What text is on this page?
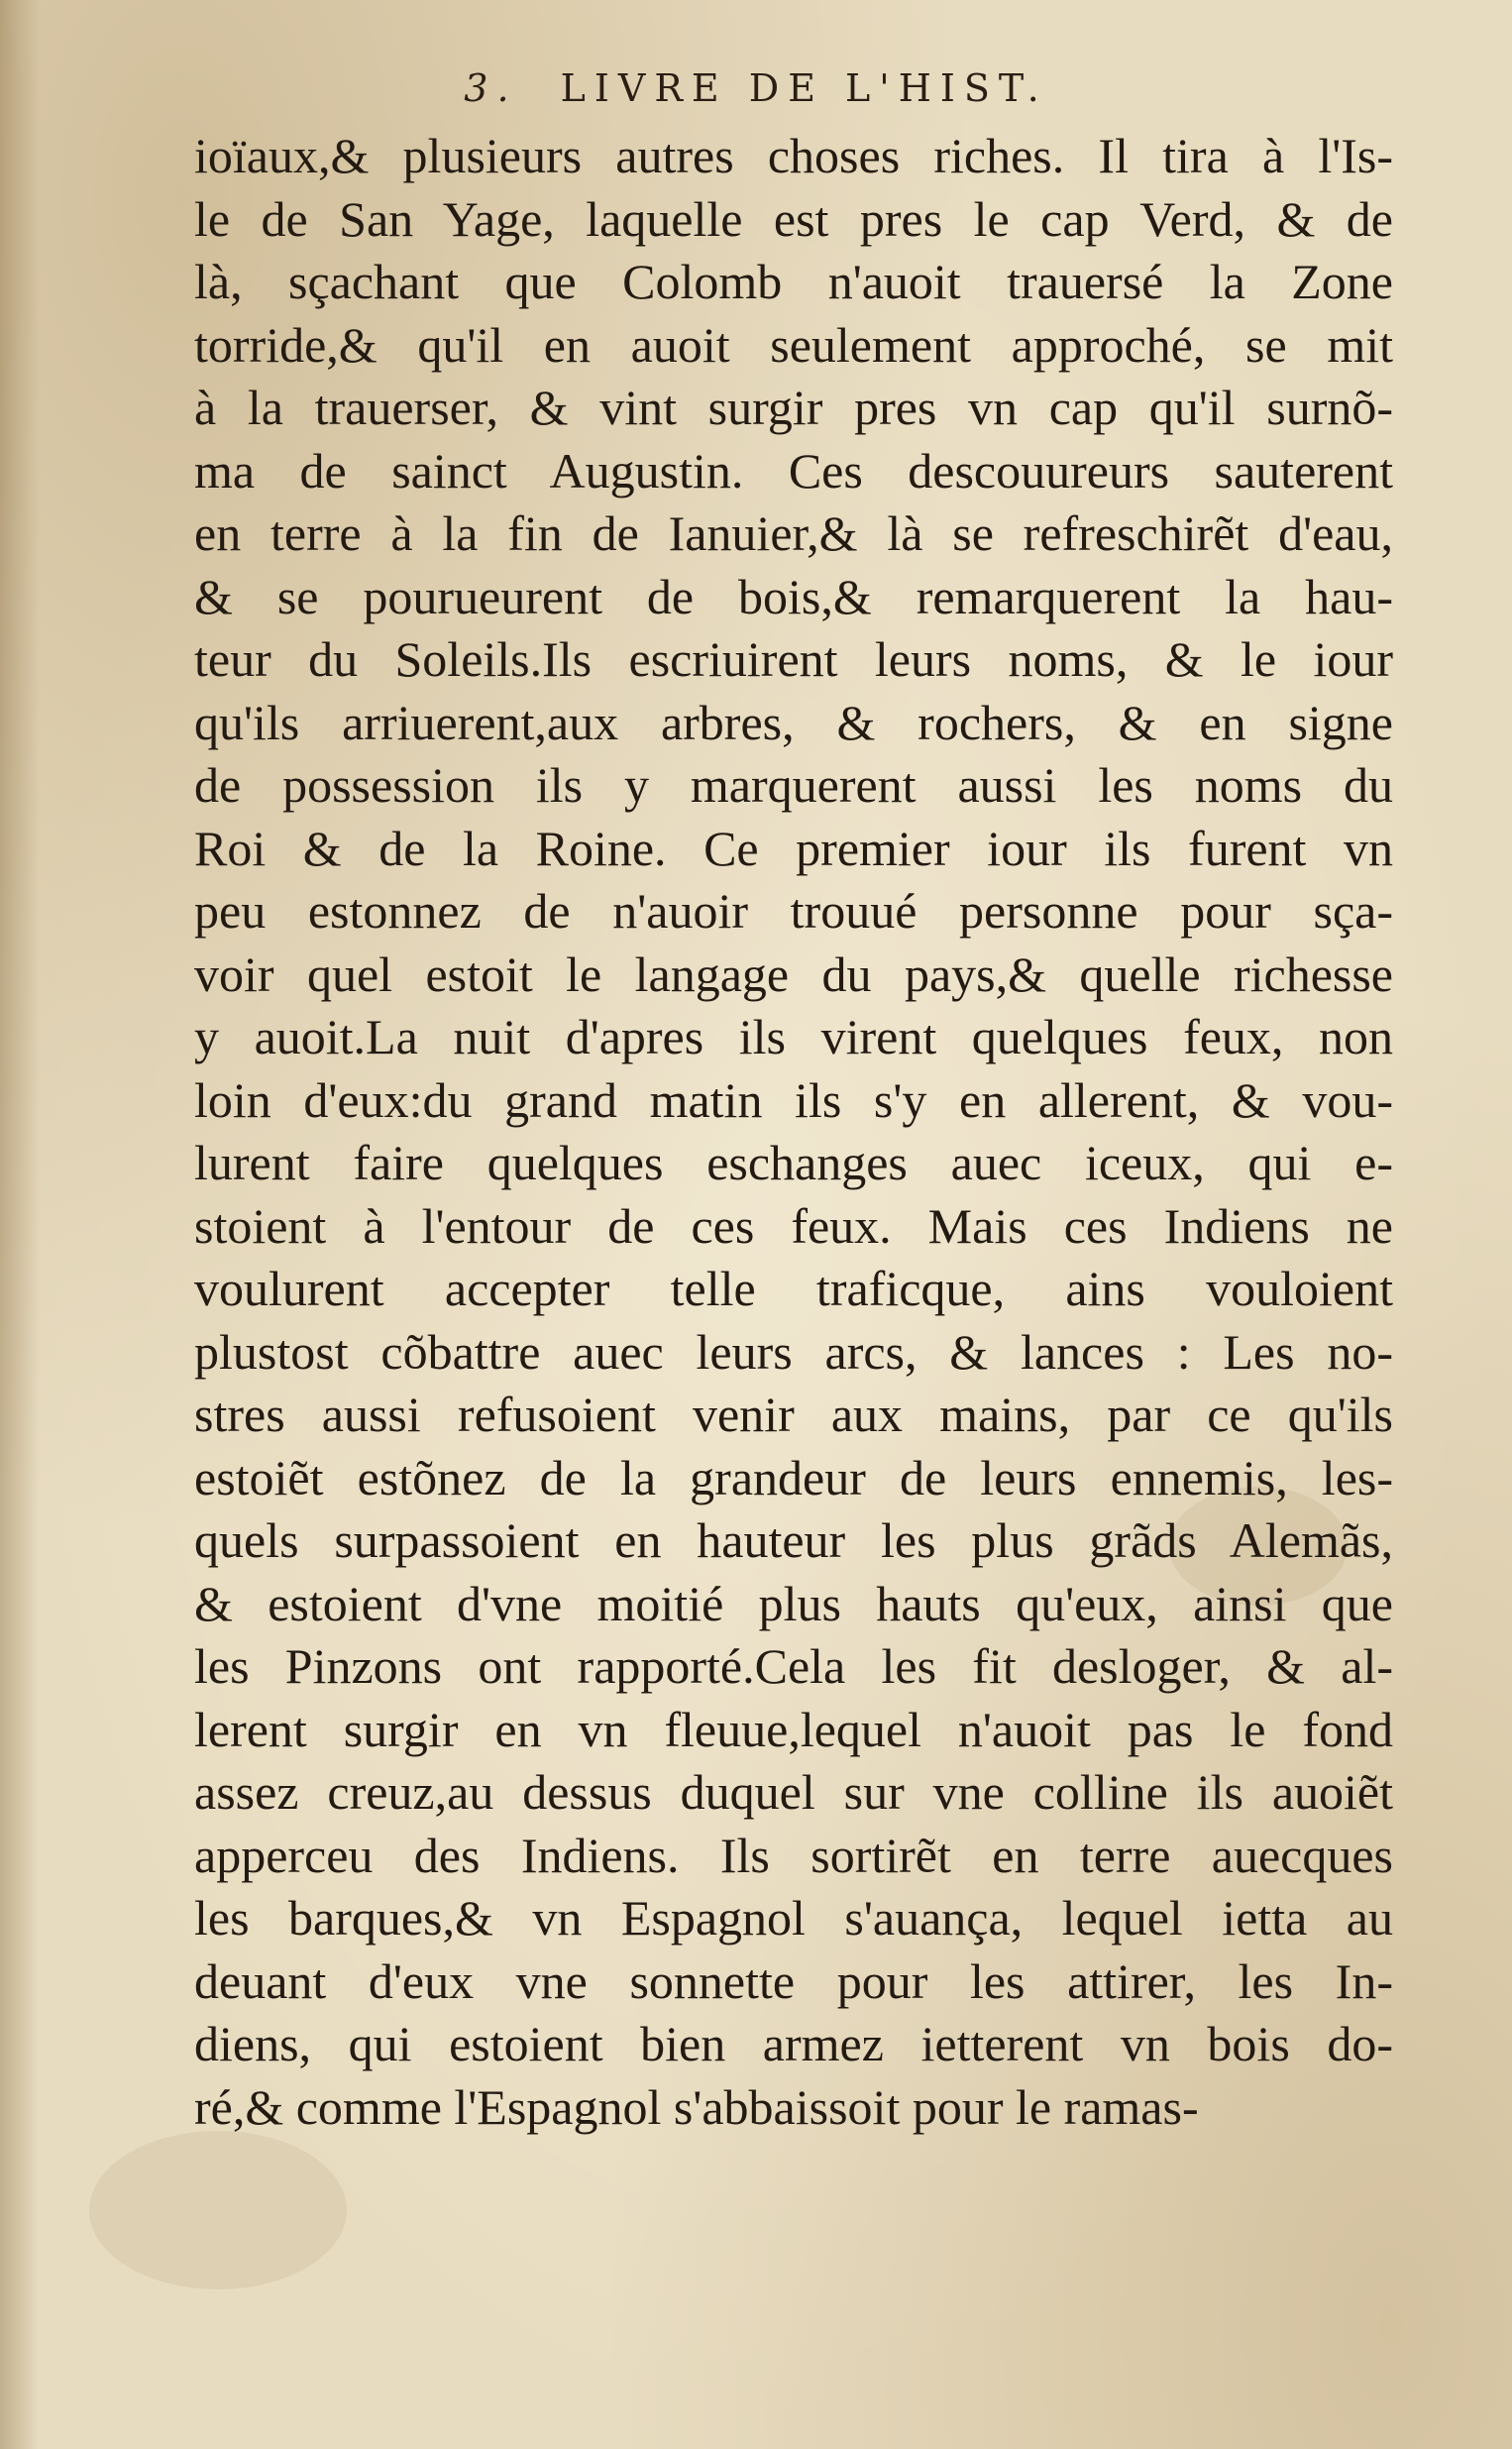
3. LIVRE DE L'HIST.
ioïaux,& plusieurs autres choses riches. Il tira à l'Is-
le de San Yage, laquelle est pres le cap Verd, & de
là, sçachant que Colomb n'auoit trauersé la Zone
torride,& qu'il en auoit seulement approché, se mit
à la trauerser, & vint surgir pres vn cap qu'il surnõ-
ma de sainct Augustin. Ces descouureurs sauterent
en terre à la fin de Ianuier,& là se refreschirẽt d'eau,
& se pourueurent de bois,& remarquerent la hau-
teur du Soleils.Ils escriuirent leurs noms, & le iour
qu'ils arriuerent,aux arbres, & rochers, & en signe
de possession ils y marquerent aussi les noms du
Roi & de la Roine. Ce premier iour ils furent vn
peu estonnez de n'auoir trouué personne pour sça-
voir quel estoit le langage du pays,& quelle richesse
y auoit.La nuit d'apres ils virent quelques feux, non
loin d'eux:du grand matin ils s'y en allerent, & vou-
lurent faire quelques eschanges auec iceux, qui e-
stoient à l'entour de ces feux. Mais ces Indiens ne
voulurent accepter telle traficque, ains vouloient
plustost cõbattre auec leurs arcs, & lances : Les no-
stres aussi refusoient venir aux mains, par ce qu'ils
estoiẽt estõnez de la grandeur de leurs ennemis, les-
quels surpassoient en hauteur les plus grãds Alemãs,
& estoient d'vne moitié plus hauts qu'eux, ainsi que
les Pinzons ont rapporté.Cela les fit desloger, & al-
lerent surgir en vn fleuue,lequel n'auoit pas le fond
assez creuz,au dessus duquel sur vne colline ils auoiẽt
apperceu des Indiens. Ils sortirẽt en terre auecques
les barques,& vn Espagnol s'auança, lequel ietta au
deuant d'eux vne sonnette pour les attirer, les In-
diens, qui estoient bien armez ietterent vn bois do-
ré,& comme l'Espagnol s'abbaissoit pour le ramas-
